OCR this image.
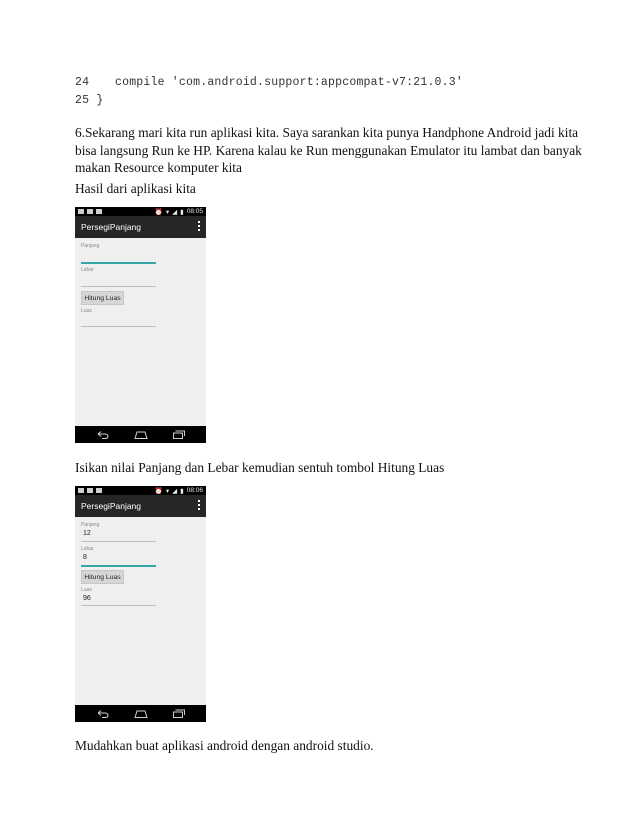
24 compile 'com.android.support:appcompat-v7:21.0.3'
25 }
6.Sekarang mari kita run aplikasi kita. Saya sarankan kita punya Handphone Android jadi kita
bisa langsung Run ke HP. Karena kalau ke Run menggunakan Emulator itu lambat dan banyak
makan Resource komputer kita
Hasil dari aplikasi kita
⏰ ▾ ◢ ▮ 08:05
PersegiPanjang
Panjang
Lebar
Hitung Luas
Luas
Isikan nilai Panjang dan Lebar kemudian sentuh tombol Hitung Luas
⏰ ▾ ◢ ▮ 08:06
PersegiPanjang
Panjang
12
Lebar
8
Hitung Luas
Luas
96
Mudahkan buat aplikasi android dengan android studio.
